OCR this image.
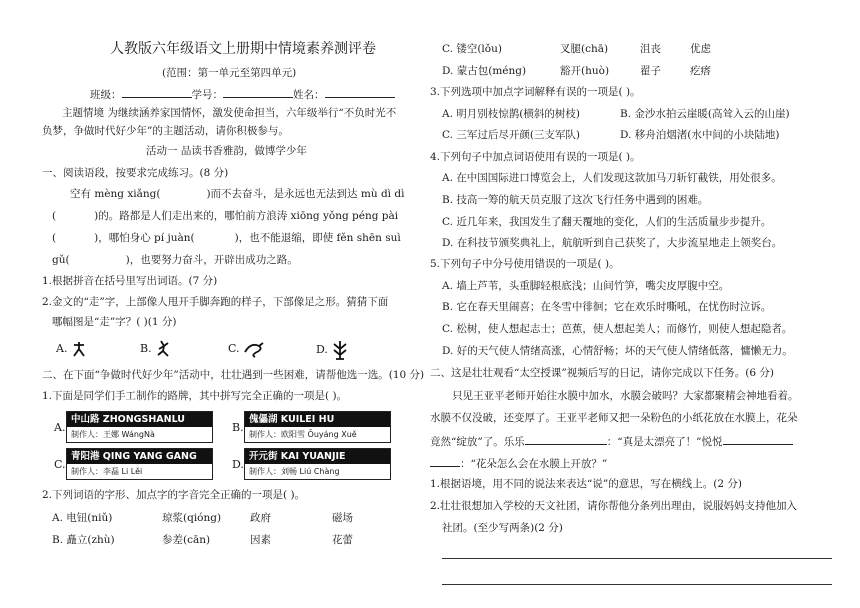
人教版六年级语文上册期中情境素养测评卷
(范围：第一单元至第四单元)
班级：	学号：	姓名：
主题情境 为继续涵养家国情怀，激发使命担当，六年级举行“不负时光不
负梦，争做时代好少年”的主题活动，请你积极参与。
活动一 品读书香雅韵，做博学少年
一、阅读语段，按要求完成练习。(8 分)
空有 mèng xiǎng(	)而不去奋斗，是永远也无法到达 mù dì dì
(	)的。路都是人们走出来的，哪怕前方浪涛 xiōng yǒng péng pài
(	)，哪怕身心 pí juàn(	)，也不能退缩，即使 fěn shēn suì
gǔ(	)，也要努力奋斗，开辟出成功之路。
1.根据拼音在括号里写出词语。(7 分)
2.金文的“走”字，上部像人甩开手脚奔跑的样子，下部像足之形。猜猜下面
哪幅图是“走”字？( )(1 分)
A.	B.	C.	D.
二、在下面“争做时代好少年”活动中，壮壮遇到一些困难，请帮他选一选。(10 分)
1.下面是同学们手工制作的路牌，其中拼写完全正确的一项是( )。
A.
中山路 ZHONGSHANLU
制作人：王娜 WángNà
B.
傀儡湖 KUILEI HU
制作人：欧阳雪 Ōuyáng Xuě
C.
青阳港 QING YANG GANG
制作人：李磊 Li Lěi
D.
开元街 KAI YUANJIE
制作人：刘畅 Liú Chàng
2.下列词语的字形、加点字的字音完全正确的一项是( )。
A. 电钮(niǔ)	琼浆(qióng)	政府	磁场
B. 矗立(zhù)	参差(cān)	因素	花蕾
C. 镂空(lǒu)	叉腿(chā)	沮丧	优虑
D. 蒙古包(méng)	豁开(huò)	翟子	疙瘩
3.下列选项中加点字词解释有误的一项是( )。
A. 明月别枝惊鹊(横斜的树枝)	B. 金沙水拍云崖暖(高耸入云的山崖)
C. 三军过后尽开颜(三支军队)	D. 移舟泊烟渚(水中间的小块陆地)
4.下列句子中加点词语使用有误的一项是( )。
A. 在中国国际进口博览会上，人们发现这款加马刀斩钉截铁，用处很多。
B. 技高一筹的航天员克服了这次飞行任务中遇到的困难。
C. 近几年来，我国发生了翻天覆地的变化，人们的生活质量步步提升。
D. 在科技节颁奖典礼上，航航听到自己获奖了，大步流星地走上领奖台。
5.下列句子中分号使用错误的一项是( )。
A. 墙上芦苇，头重脚轻根底浅；山间竹笋，嘴尖皮厚腹中空。
B. 它在春天里闹喜；在冬雪中徘徊；它在欢乐时嘶吼，在忧伤时泣诉。
C. 松树，使人想起志士；芭蕉，使人想起美人；而修竹，则使人想起隐者。
D. 好的天气使人情绪高涨，心情舒畅；坏的天气使人情绪低落，慵懒无力。
二、这是壮壮观看“太空授课”视频后写的日记，请你完成以下任务。(6 分)
只见王亚平老师开始往水膜中加水，水膜会破吗？大家都聚精会神地看着。
水膜不仅没破，还变厚了。王亚平老师又把一朵粉色的小纸花放在水膜上，花朵
竟然“绽放”了。乐乐	：“真是太漂亮了！”悦悦
：“花朵怎么会在水膜上开放？”
1.根据语境，用不同的说法来表达“说”的意思，写在横线上。(2 分)
2.壮壮很想加入学校的天文社团，请你帮他分条列出理由，说服妈妈支持他加入
社团。(至少写两条)(2 分)
